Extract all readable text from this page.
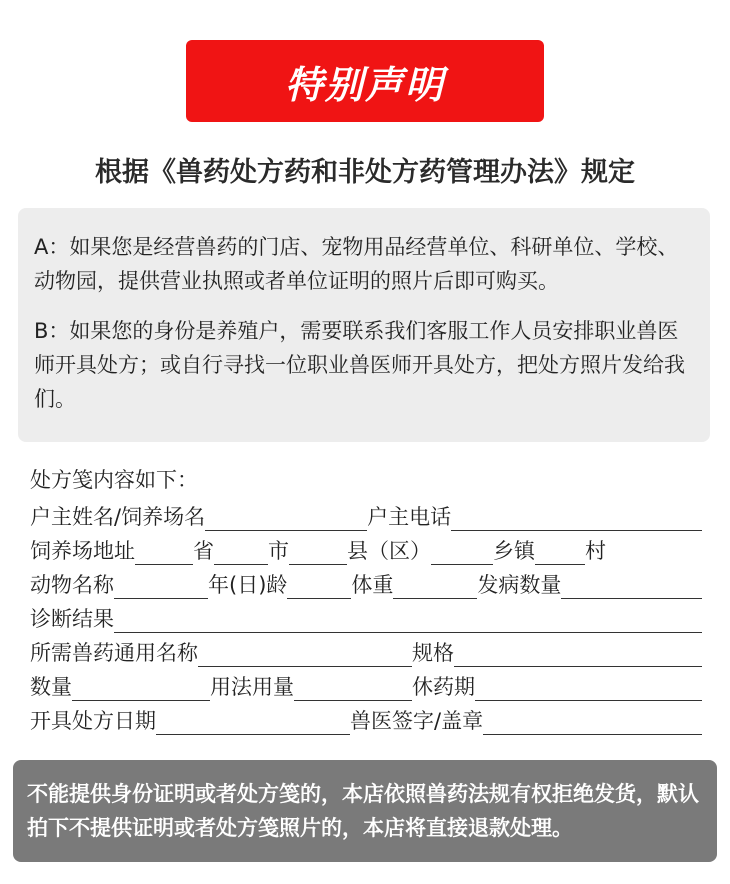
特别声明
根据《兽药处方药和非处方药管理办法》规定

A：如果您是经营兽药的门店、宠物用品经营单位、科研单位、学校、动物园，提供营业执照或者单位证明的照片后即可购买。

B：如果您的身份是养殖户，需要联系我们客服工作人员安排职业兽医师开具处方；或自行寻找一位职业兽医师开具处方，把处方照片发给我们。

处方笺内容如下：
户主姓名/饲养场名	户主电话
饲养场地址	省	市	县（区）	乡镇 村
动物名称	年(日)龄	体重	发病数量
诊断结果
所需兽药通用名称	规格
数量	用法用量	休药期
开具处方日期	兽医签字/盖章

不能提供身份证明或者处方笺的，本店依照兽药法规有权拒绝发货，默认拍下不提供证明或者处方笺照片的，本店将直接退款处理。
